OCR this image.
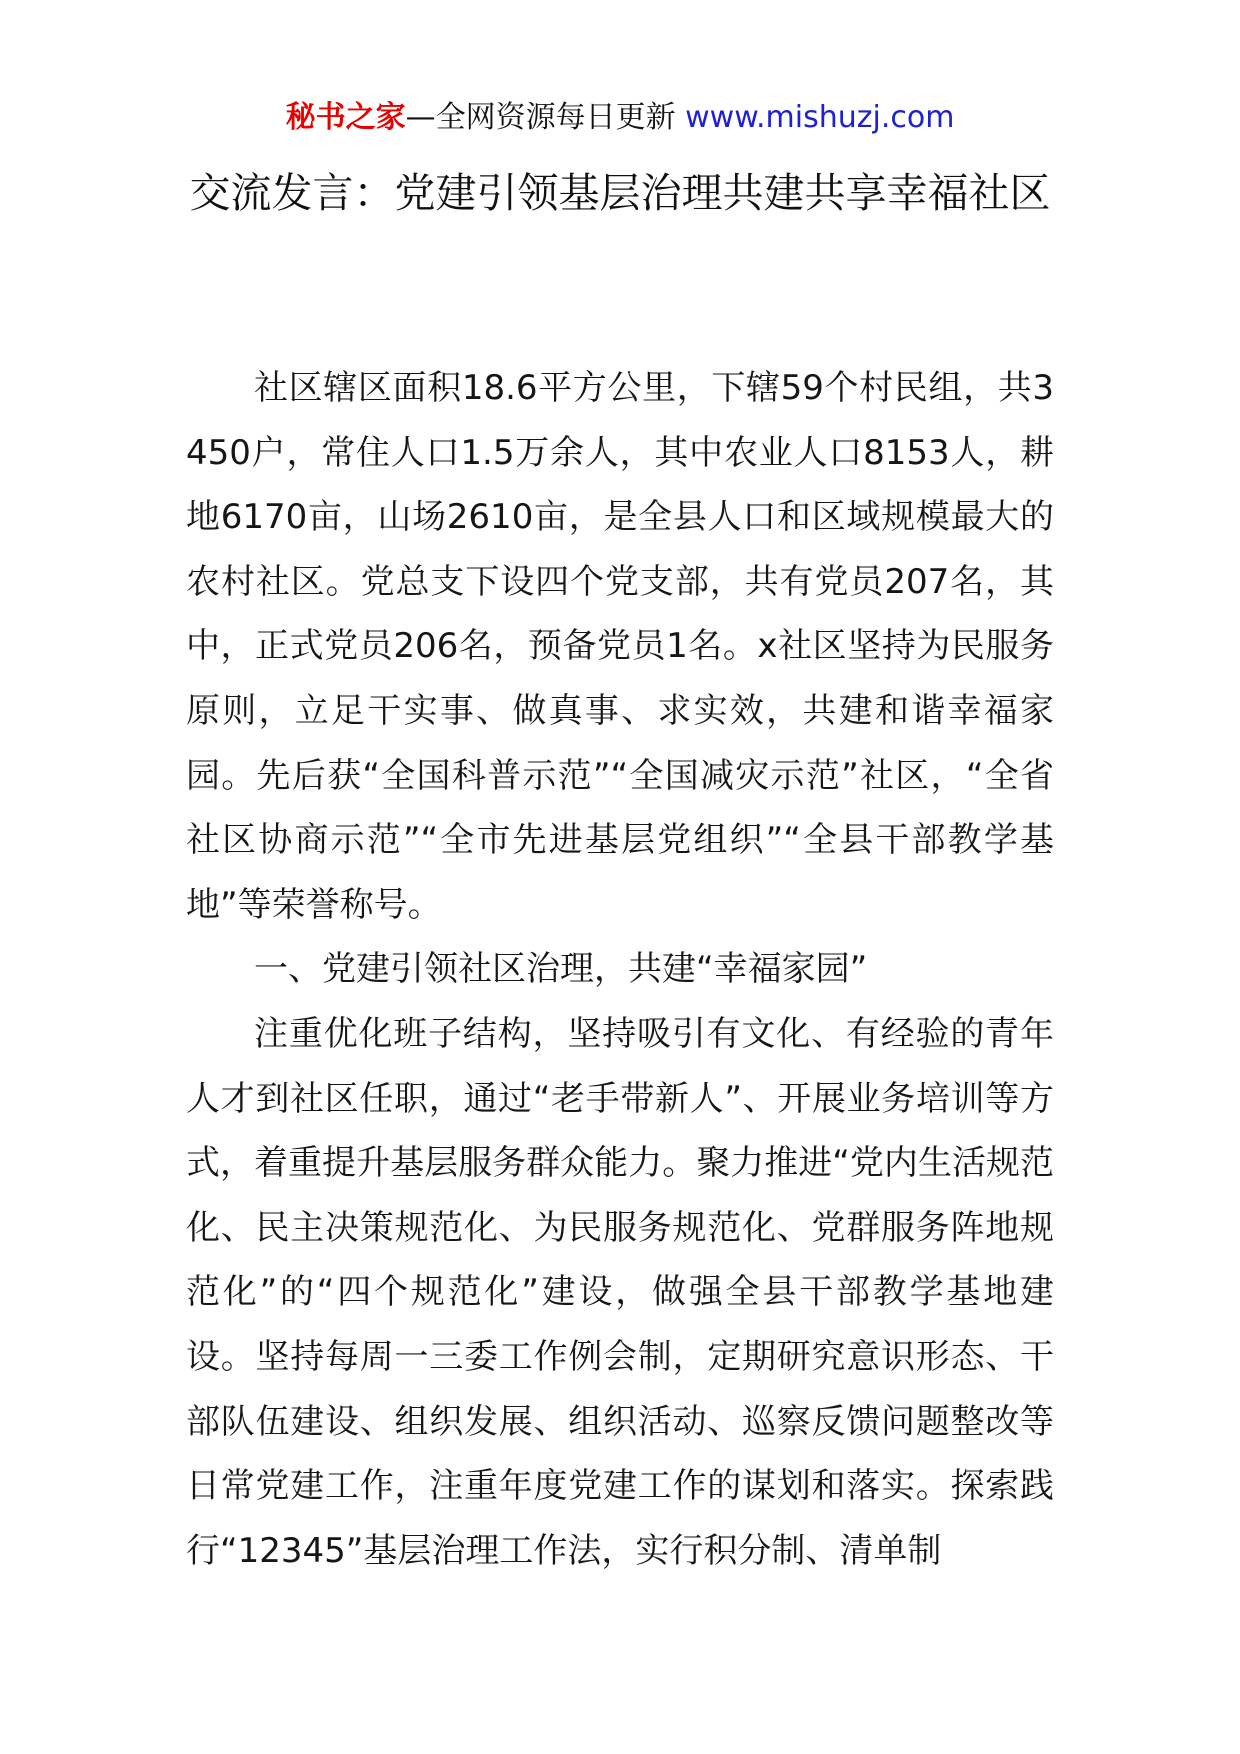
秘书之家—全网资源每日更新 www.mishuzj.com
交流发言：党建引领基层治理共建共享幸福社区

社区辖区面积18.6平方公里，下辖59个村民组，共3450户，常住人口1.5万余人，其中农业人口8153人，耕地6170亩，山场2610亩，是全县人口和区域规模最大的农村社区。党总支下设四个党支部，共有党员207名，其中，正式党员206名，预备党员1名。x社区坚持为民服务原则，立足干实事、做真事、求实效，共建和谐幸福家园。先后获“全国科普示范”“全国减灾示范”社区，“全省社区协商示范”“全市先进基层党组织”“全县干部教学基地”等荣誉称号。

一、党建引领社区治理，共建“幸福家园”

注重优化班子结构，坚持吸引有文化、有经验的青年人才到社区任职，通过“老手带新人”、开展业务培训等方式，着重提升基层服务群众能力。聚力推进“党内生活规范化、民主决策规范化、为民服务规范化、党群服务阵地规范化”的“四个规范化”建设，做强全县干部教学基地建设。坚持每周一三委工作例会制，定期研究意识形态、干部队伍建设、组织发展、组织活动、巡察反馈问题整改等日常党建工作，注重年度党建工作的谋划和落实。探索践行“12345”基层治理工作法，实行积分制、清单制
